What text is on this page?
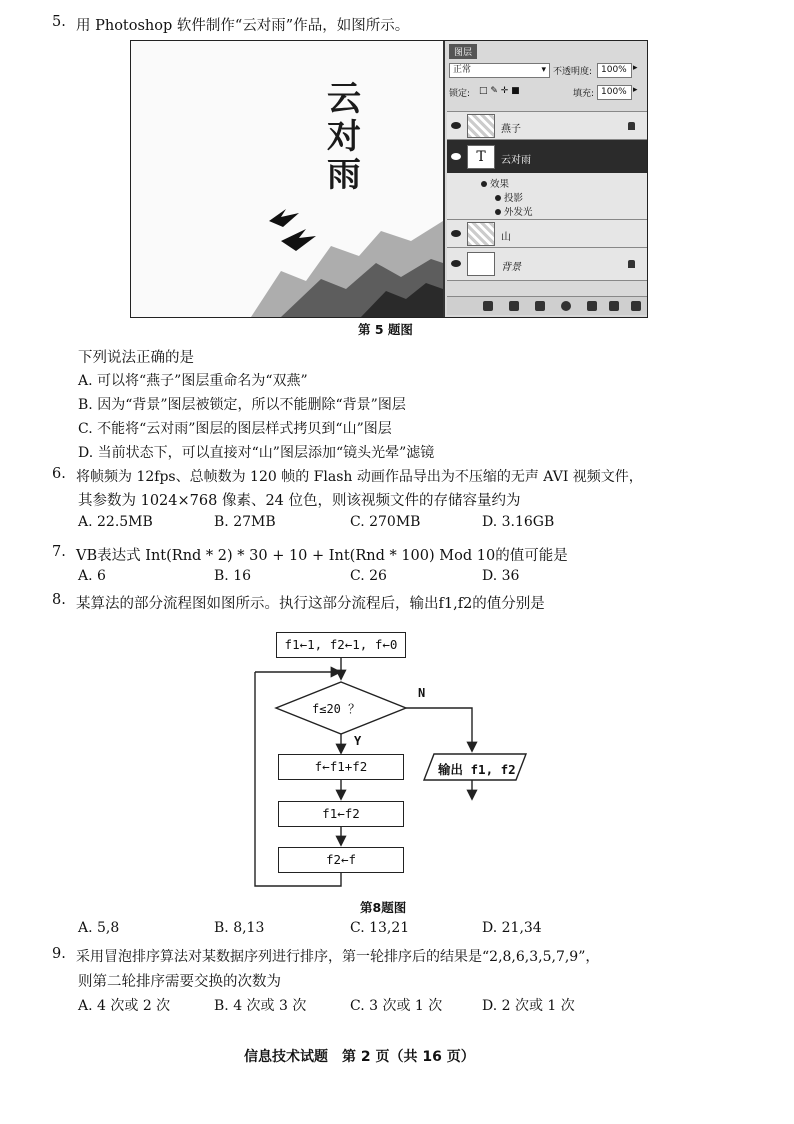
5. 用 Photoshop 软件制作“云对雨”作品，如图所示。
云
对
雨
图层
正常	▾ 不透明度: 100% ▸
锁定: □ ✎ ✛ ■	填充: 100% ▸
燕子
T	云对雨
效果
投影
外发光
山
背景
第 5 题图
下列说法正确的是
A. 可以将“燕子”图层重命名为“双燕”
B. 因为“背景”图层被锁定，所以不能删除“背景”图层
C. 不能将“云对雨”图层的图层样式拷贝到“山”图层
D. 当前状态下，可以直接对“山”图层添加“镜头光晕”滤镜
6. 将帧频为 12fps、总帧数为 120 帧的 Flash 动画作品导出为不压缩的无声 AVI 视频文件，
其参数为 1024×768 像素、24 位色，则该视频文件的存储容量约为
A. 22.5MB	B. 27MB	C. 270MB	D. 3.16GB
7. VB表达式 Int(Rnd * 2) * 30 + 10 + Int(Rnd * 100) Mod 10的值可能是
A. 6	B. 16	C. 26	D. 36
8. 某算法的部分流程图如图所示。执行这部分流程后，输出f1,f2的值分别是
f1←1, f2←1, f←0
f≤20 ？
N
Y
f←f1+f2
f1←f2
f2←f
输出 f1, f2
第8题图
A. 5,8	B. 8,13	C. 13,21	D. 21,34
9. 采用冒泡排序算法对某数据序列进行排序，第一轮排序后的结果是“2,8,6,3,5,7,9”，
则第二轮排序需要交换的次数为
A. 4 次或 2 次	B. 4 次或 3 次	C. 3 次或 1 次	D. 2 次或 1 次
信息技术试题　第 2 页（共 16 页）
